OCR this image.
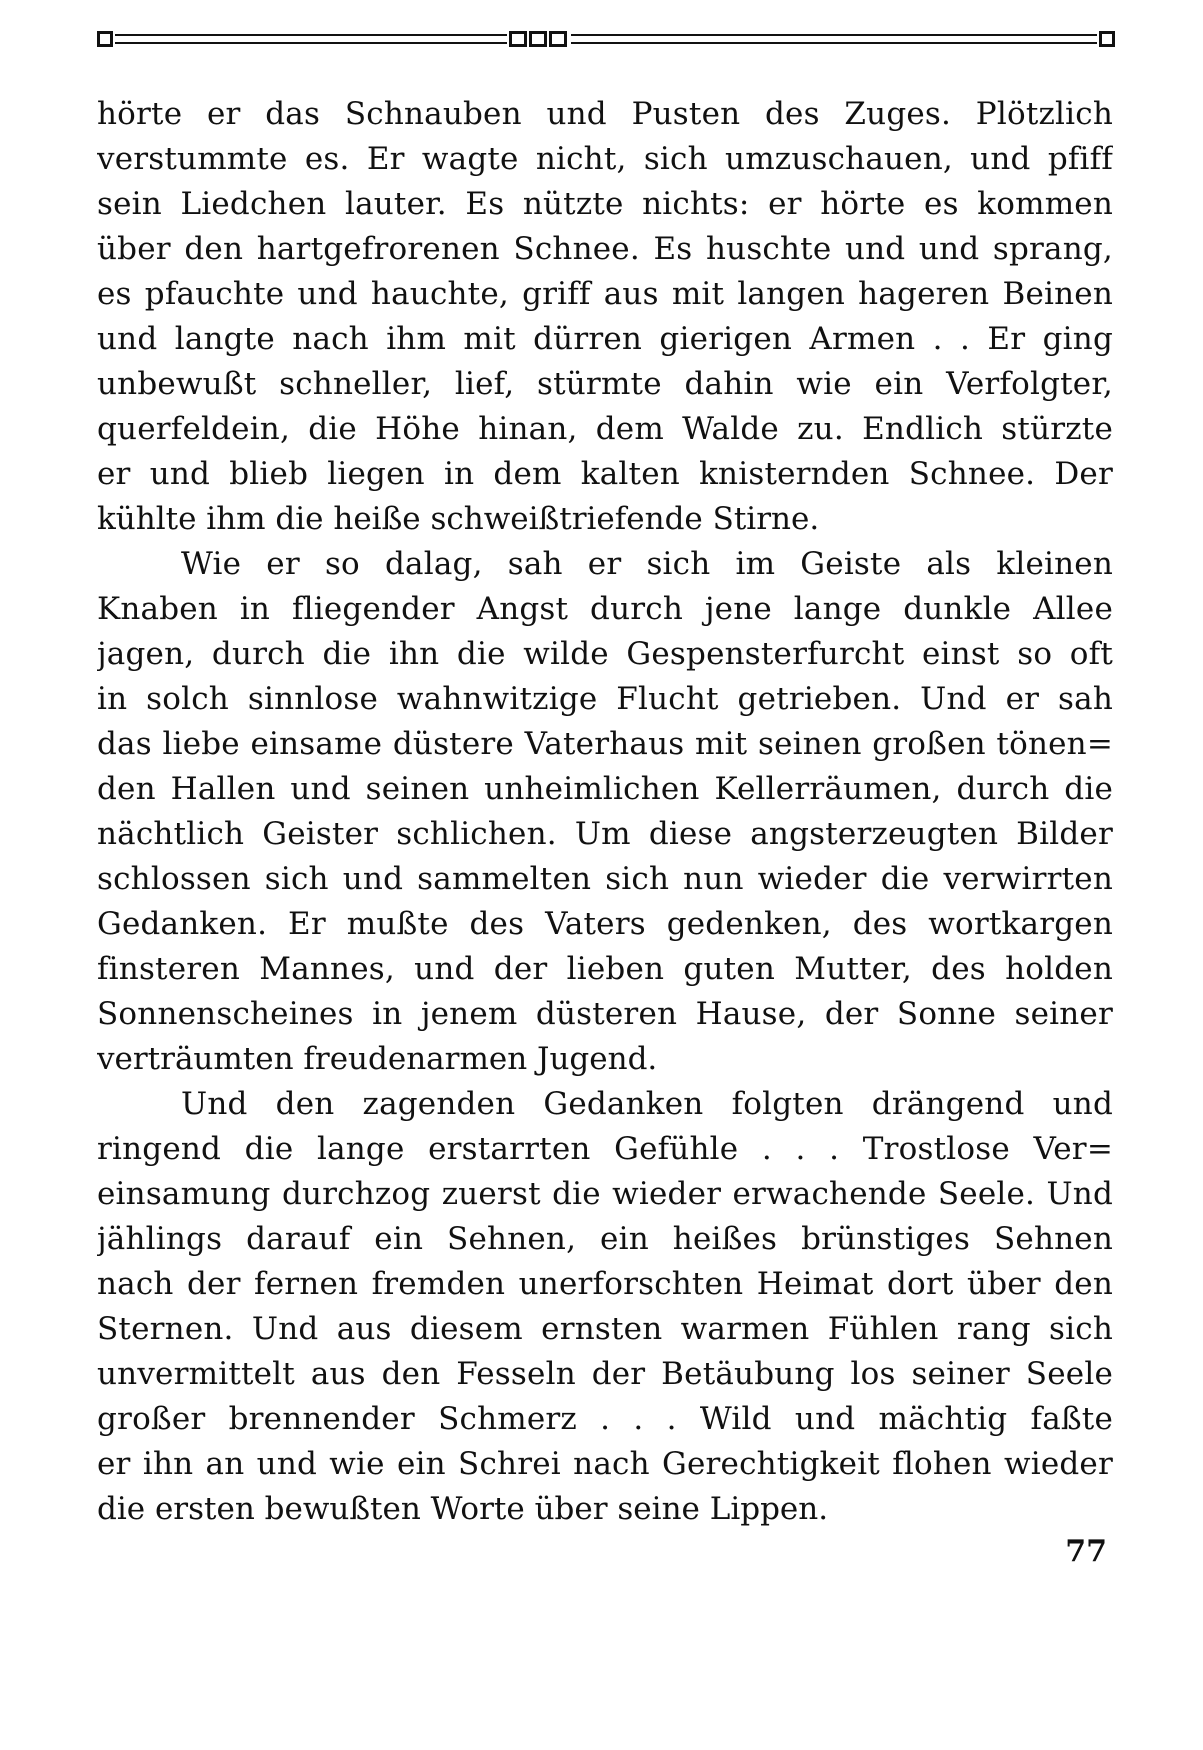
hörte er das Schnauben und Pusten des Zuges. Plötzlich
verstummte es. Er wagte nicht, sich umzuschauen, und pfiff
sein Liedchen lauter. Es nützte nichts: er hörte es kommen
über den hartgefrorenen Schnee. Es huschte und und sprang,
es pfauchte und hauchte, griff aus mit langen hageren Beinen
und langte nach ihm mit dürren gierigen Armen . . Er ging
unbewußt schneller, lief, stürmte dahin wie ein Verfolgter,
querfeldein, die Höhe hinan, dem Walde zu. Endlich stürzte
er und blieb liegen in dem kalten knisternden Schnee. Der
kühlte ihm die heiße schweißtriefende Stirne.
Wie er so dalag, sah er sich im Geiste als kleinen
Knaben in fliegender Angst durch jene lange dunkle Allee
jagen, durch die ihn die wilde Gespensterfurcht einst so oft
in solch sinnlose wahnwitzige Flucht getrieben. Und er sah
das liebe einsame düstere Vaterhaus mit seinen großen tönen=
den Hallen und seinen unheimlichen Kellerräumen, durch die
nächtlich Geister schlichen. Um diese angsterzeugten Bilder
schlossen sich und sammelten sich nun wieder die verwirrten
Gedanken. Er mußte des Vaters gedenken, des wortkargen
finsteren Mannes, und der lieben guten Mutter, des holden
Sonnenscheines in jenem düsteren Hause, der Sonne seiner
verträumten freudenarmen Jugend.
Und den zagenden Gedanken folgten drängend und
ringend die lange erstarrten Gefühle . . . Trostlose Ver=
einsamung durchzog zuerst die wieder erwachende Seele. Und
jählings darauf ein Sehnen, ein heißes brünstiges Sehnen
nach der fernen fremden unerforschten Heimat dort über den
Sternen. Und aus diesem ernsten warmen Fühlen rang sich
unvermittelt aus den Fesseln der Betäubung los seiner Seele
großer brennender Schmerz . . . Wild und mächtig faßte
er ihn an und wie ein Schrei nach Gerechtigkeit flohen wieder
die ersten bewußten Worte über seine Lippen.
77
